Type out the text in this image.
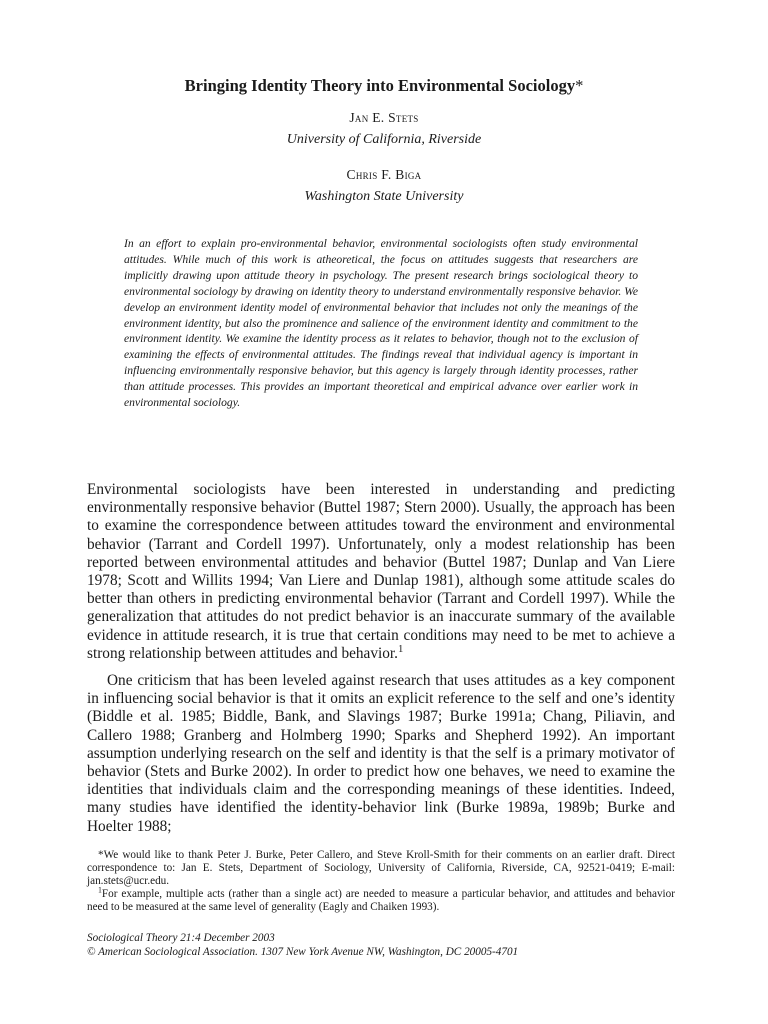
Bringing Identity Theory into Environmental Sociology*
Jan E. Stets
University of California, Riverside
Chris F. Biga
Washington State University
In an effort to explain pro-environmental behavior, environmental sociologists often study environmental attitudes. While much of this work is atheoretical, the focus on attitudes suggests that researchers are implicitly drawing upon attitude theory in psychology. The present research brings sociological theory to environmental sociology by drawing on identity theory to understand environmentally responsive behavior. We develop an environment identity model of environmental behavior that includes not only the meanings of the environment identity, but also the prominence and salience of the environment identity and commitment to the environment identity. We examine the identity process as it relates to behavior, though not to the exclusion of examining the effects of environmental attitudes. The findings reveal that individual agency is important in influencing environmentally responsive behavior, but this agency is largely through identity processes, rather than attitude processes. This provides an important theoretical and empirical advance over earlier work in environmental sociology.
Environmental sociologists have been interested in understanding and predicting environmentally responsive behavior (Buttel 1987; Stern 2000). Usually, the approach has been to examine the correspondence between attitudes toward the environment and environmental behavior (Tarrant and Cordell 1997). Unfortunately, only a modest relationship has been reported between environmental attitudes and behavior (Buttel 1987; Dunlap and Van Liere 1978; Scott and Willits 1994; Van Liere and Dunlap 1981), although some attitude scales do better than others in predicting environmental behavior (Tarrant and Cordell 1997). While the generalization that attitudes do not predict behavior is an inaccurate summary of the available evidence in attitude research, it is true that certain conditions may need to be met to achieve a strong relationship between attitudes and behavior.$^1$
One criticism that has been leveled against research that uses attitudes as a key component in influencing social behavior is that it omits an explicit reference to the self and one’s identity (Biddle et al. 1985; Biddle, Bank, and Slavings 1987; Burke 1991a; Chang, Piliavin, and Callero 1988; Granberg and Holmberg 1990; Sparks and Shepherd 1992). An important assumption underlying research on the self and identity is that the self is a primary motivator of behavior (Stets and Burke 2002). In order to predict how one behaves, we need to examine the identities that individuals claim and the corresponding meanings of these identities. Indeed, many studies have identified the identity-behavior link (Burke 1989a, 1989b; Burke and Hoelter 1988;

*We would like to thank Peter J. Burke, Peter Callero, and Steve Kroll-Smith for their comments on an earlier draft. Direct correspondence to: Jan E. Stets, Department of Sociology, University of California, Riverside, CA, 92521-0419; E-mail: jan.stets@ucr.edu.

$^1$For example, multiple acts (rather than a single act) are needed to measure a particular behavior, and attitudes and behavior need to be measured at the same level of generality (Eagly and Chaiken 1993).

Sociological Theory 21:4 December 2003
© American Sociological Association. 1307 New York Avenue NW, Washington, DC 20005-4701
